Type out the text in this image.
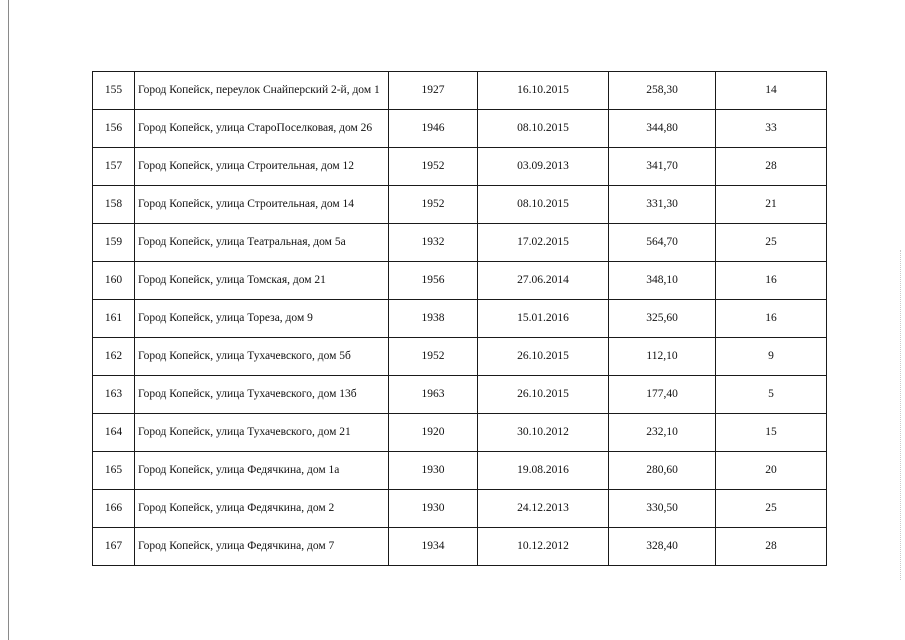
155	Город Копейск, переулок Снайперский 2-й, дом 1	1927	16.10.2015	258,30	14
156	Город Копейск, улица СтароПоселковая, дом 26	1946	08.10.2015	344,80	33
157	Город Копейск, улица Строительная, дом 12	1952	03.09.2013	341,70	28
158	Город Копейск, улица Строительная, дом 14	1952	08.10.2015	331,30	21
159	Город Копейск, улица Театральная, дом 5а	1932	17.02.2015	564,70	25
160	Город Копейск, улица Томская, дом 21	1956	27.06.2014	348,10	16
161	Город Копейск, улица Тореза, дом 9	1938	15.01.2016	325,60	16
162	Город Копейск, улица Тухачевского, дом 5б	1952	26.10.2015	112,10	9
163	Город Копейск, улица Тухачевского, дом 13б	1963	26.10.2015	177,40	5
164	Город Копейск, улица Тухачевского, дом 21	1920	30.10.2012	232,10	15
165	Город Копейск, улица Федячкина, дом 1а	1930	19.08.2016	280,60	20
166	Город Копейск, улица Федячкина, дом 2	1930	24.12.2013	330,50	25
167	Город Копейск, улица Федячкина, дом 7	1934	10.12.2012	328,40	28
